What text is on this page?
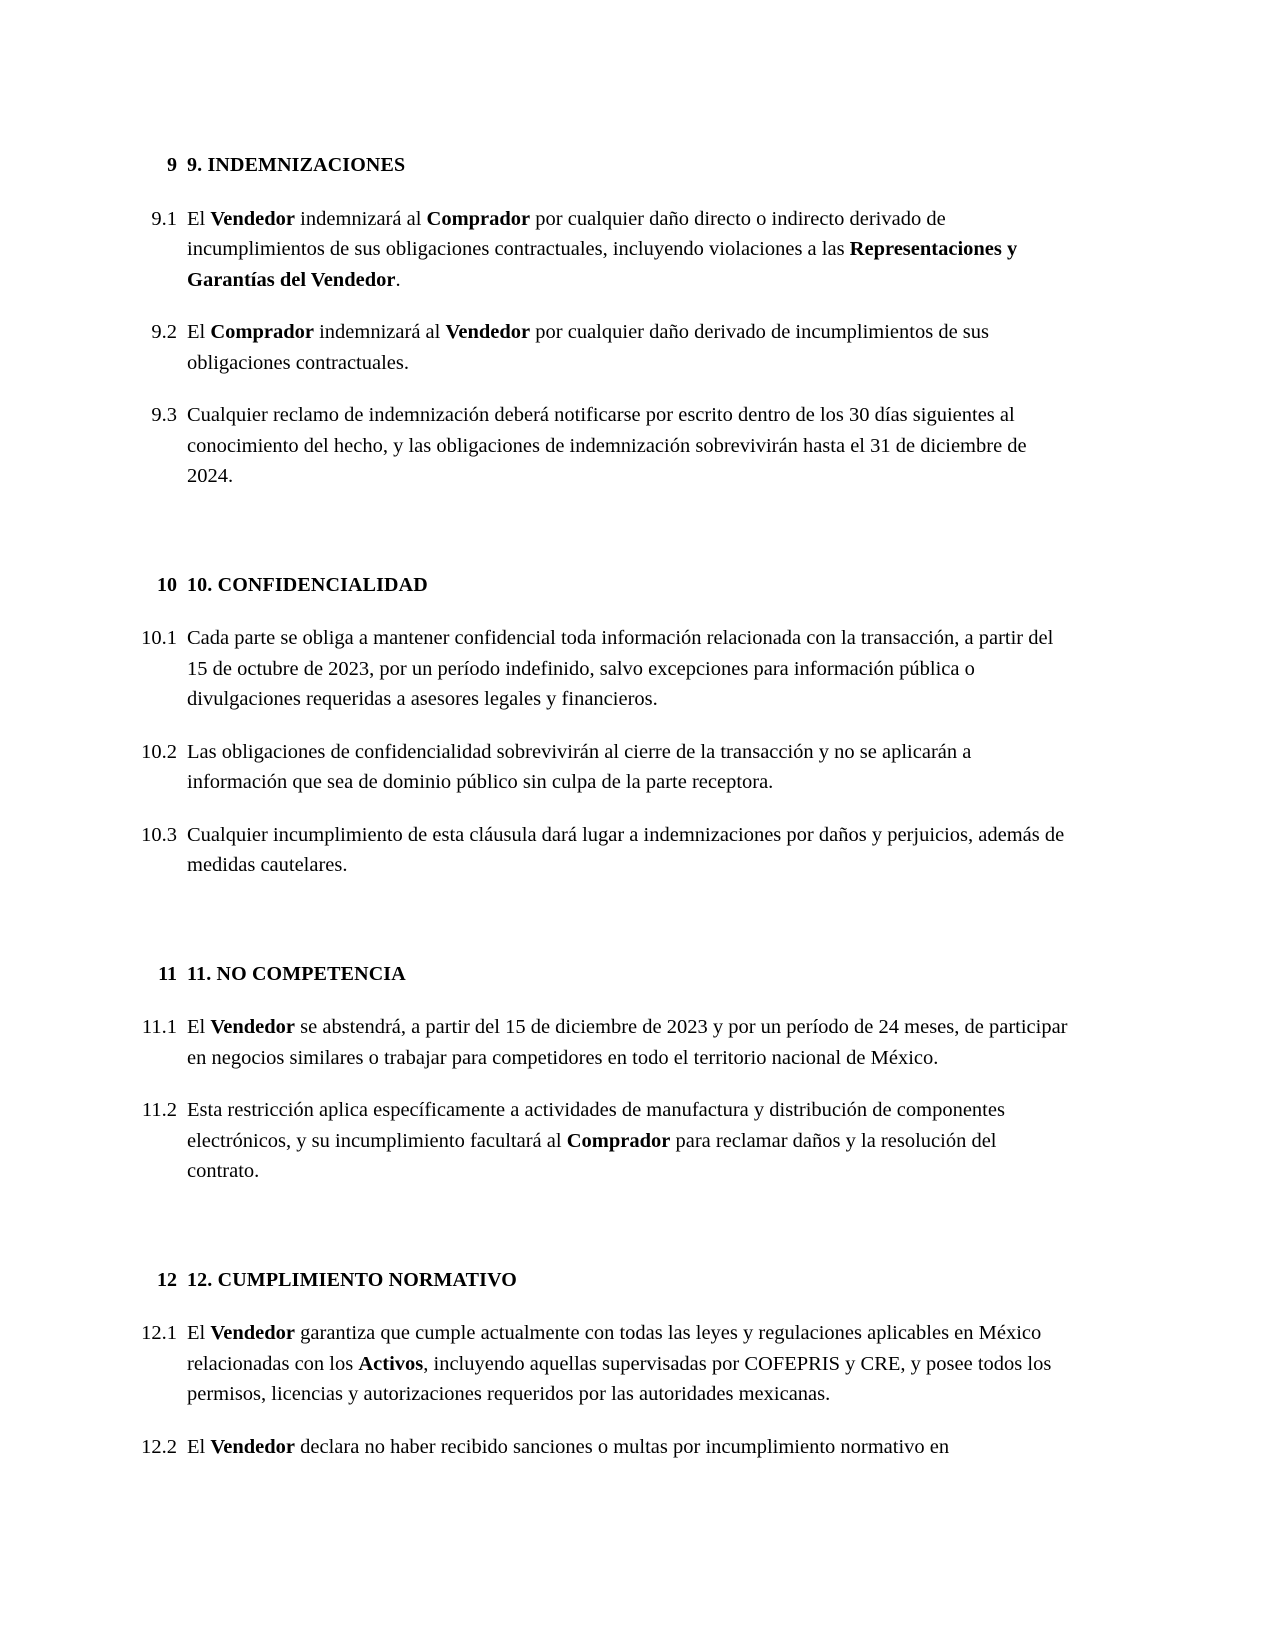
9 9. INDEMNIZACIONES
9.1 El Vendedor indemnizará al Comprador por cualquier daño directo o indirecto derivado de incumplimientos de sus obligaciones contractuales, incluyendo violaciones a las Representaciones y Garantías del Vendedor.
9.2 El Comprador indemnizará al Vendedor por cualquier daño derivado de incumplimientos de sus obligaciones contractuales.
9.3 Cualquier reclamo de indemnización deberá notificarse por escrito dentro de los 30 días siguientes al conocimiento del hecho, y las obligaciones de indemnización sobrevivirán hasta el 31 de diciembre de 2024.
10 10. CONFIDENCIALIDAD
10.1 Cada parte se obliga a mantener confidencial toda información relacionada con la transacción, a partir del 15 de octubre de 2023, por un período indefinido, salvo excepciones para información pública o divulgaciones requeridas a asesores legales y financieros.
10.2 Las obligaciones de confidencialidad sobrevivirán al cierre de la transacción y no se aplicarán a información que sea de dominio público sin culpa de la parte receptora.
10.3 Cualquier incumplimiento de esta cláusula dará lugar a indemnizaciones por daños y perjuicios, además de medidas cautelares.
11 11. NO COMPETENCIA
11.1 El Vendedor se abstendrá, a partir del 15 de diciembre de 2023 y por un período de 24 meses, de participar en negocios similares o trabajar para competidores en todo el territorio nacional de México.
11.2 Esta restricción aplica específicamente a actividades de manufactura y distribución de componentes electrónicos, y su incumplimiento facultará al Comprador para reclamar daños y la resolución del contrato.
12 12. CUMPLIMIENTO NORMATIVO
12.1 El Vendedor garantiza que cumple actualmente con todas las leyes y regulaciones aplicables en México relacionadas con los Activos, incluyendo aquellas supervisadas por COFEPRIS y CRE, y posee todos los permisos, licencias y autorizaciones requeridos por las autoridades mexicanas.
12.2 El Vendedor declara no haber recibido sanciones o multas por incumplimiento normativo en
